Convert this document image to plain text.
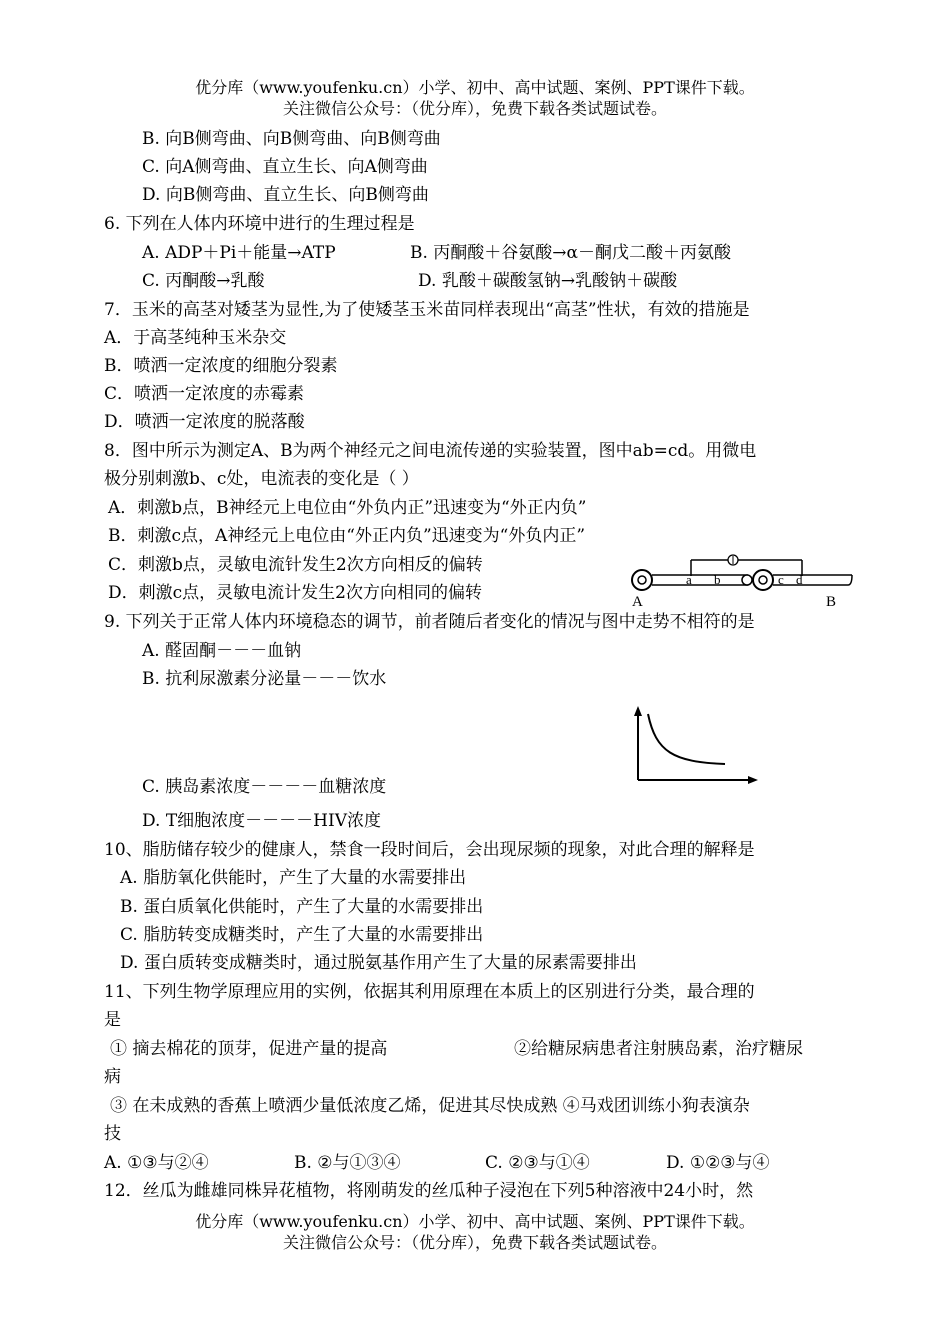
优分库（www.youfenku.cn）小学、初中、高中试题、案例、PPT课件下载。
关注微信公众号：（优分库），免费下载各类试题试卷。
B. 向B侧弯曲、向B侧弯曲、向B侧弯曲
C. 向A侧弯曲、直立生长、向A侧弯曲
D. 向B侧弯曲、直立生长、向B侧弯曲
6. 下列在人体内环境中进行的生理过程是
A. ADP＋Pi＋能量→ATP	B. 丙酮酸＋谷氨酸→α－酮戊二酸＋丙氨酸
C. 丙酮酸→乳酸	D. 乳酸＋碳酸氢钠→乳酸钠＋碳酸
7．玉米的高茎对矮茎为显性,为了使矮茎玉米苗同样表现出“高茎”性状，有效的措施是
A．于高茎纯种玉米杂交
B．喷洒一定浓度的细胞分裂素
C．喷洒一定浓度的赤霉素
D．喷洒一定浓度的脱落酸
8．图中所示为测定A、B为两个神经元之间电流传递的实验装置，图中ab=cd。用微电
极分别刺激b、c处，电流表的变化是（ ）
A．刺激b点，B神经元上电位由“外负内正”迅速变为“外正内负”
B．刺激c点，A神经元上电位由“外正内负”迅速变为“外负内正”
C．刺激b点，灵敏电流针发生2次方向相反的偏转
D．刺激c点，灵敏电流计发生2次方向相同的偏转
a b	c d
A	B
9. 下列关于正常人体内环境稳态的调节，前者随后者变化的情况与图中走势不相符的是
A. 醛固酮－－－血钠
B. 抗利尿激素分泌量－－－饮水
C. 胰岛素浓度－－－－血糖浓度
D. T细胞浓度－－－－HIV浓度
10、脂肪储存较少的健康人，禁食一段时间后，会出现尿频的现象，对此合理的解释是
A. 脂肪氧化供能时，产生了大量的水需要排出
B. 蛋白质氧化供能时，产生了大量的水需要排出
C. 脂肪转变成糖类时，产生了大量的水需要排出
D. 蛋白质转变成糖类时，通过脱氨基作用产生了大量的尿素需要排出
11、下列生物学原理应用的实例，依据其利用原理在本质上的区别进行分类，最合理的
是
① 摘去棉花的顶芽，促进产量的提高	②给糖尿病患者注射胰岛素，治疗糖尿
病
③ 在未成熟的香蕉上喷洒少量低浓度乙烯，促进其尽快成熟 ④马戏团训练小狗表演杂
技
A. ①③与②④	B. ②与①③④	C. ②③与①④	D. ①②③与④
12．丝瓜为雌雄同株异花植物，将刚萌发的丝瓜种子浸泡在下列5种溶液中24小时，然
优分库（www.youfenku.cn）小学、初中、高中试题、案例、PPT课件下载。
关注微信公众号：（优分库），免费下载各类试题试卷。
